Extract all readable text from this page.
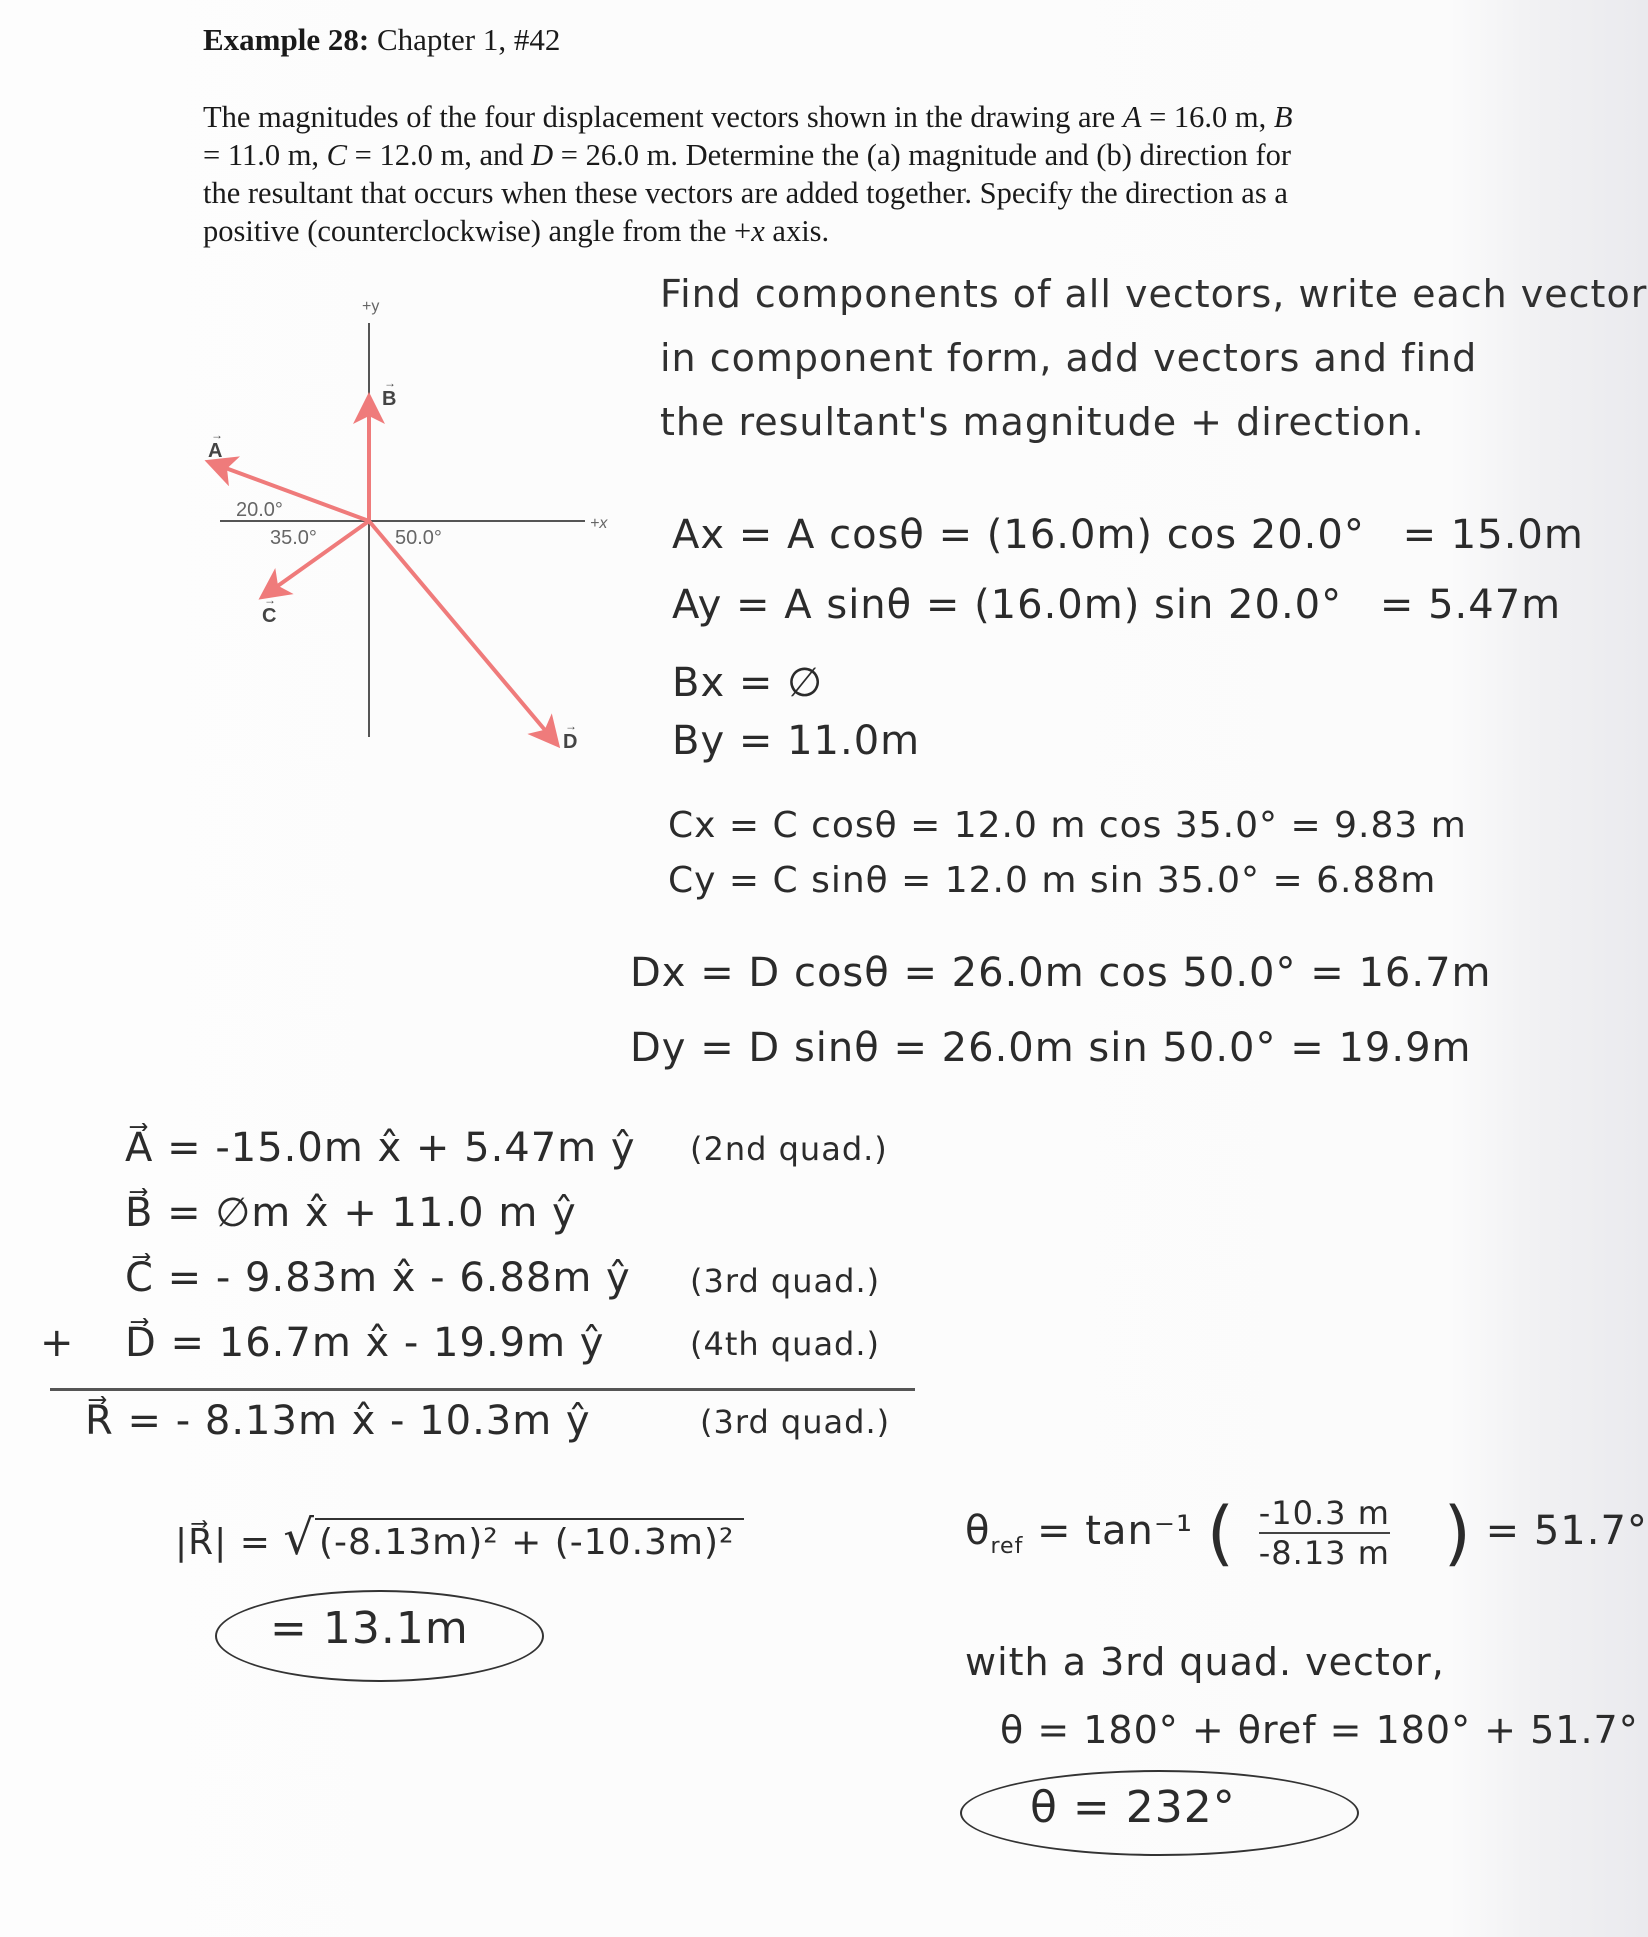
Example 28: Chapter 1, #42
The magnitudes of the four displacement vectors shown in the drawing are A = 16.0 m, B
= 11.0 m, C = 12.0 m, and D = 26.0 m. Determine the (a) magnitude and (b) direction for
the resultant that occurs when these vectors are added together. Specify the direction as a
positive (counterclockwise) angle from the +x axis.
+y
+x
A
→
B
→
C
→
D
→
20.0°
35.0°	50.0°
Find components of all vectors, write each vector
in component form, add vectors and find
the resultant's magnitude + direction.
Ax = A cosθ = (16.0m) cos 20.0° = 15.0m
Ay = A sinθ = (16.0m) sin 20.0° = 5.47m
Bx = ∅
By = 11.0m
Cx = C cosθ = 12.0 m cos 35.0° = 9.83 m
Cy = C sinθ = 12.0 m sin 35.0° = 6.88m
Dx = D cosθ = 26.0m cos 50.0° = 16.7m
Dy = D sinθ = 26.0m sin 50.0° = 19.9m
A⃗ = -15.0m x̂ + 5.47m ŷ (2nd quad.)
B⃗ = ∅m x̂ + 11.0 m ŷ
C⃗ = - 9.83m x̂ - 6.88m ŷ (3rd quad.)
+ D⃗ = 16.7m x̂ - 19.9m ŷ	(4th quad.)
R⃗ = - 8.13m x̂ - 10.3m ŷ	(3rd quad.)
|R⃗| = √ (-8.13m)² + (-10.3m)²
= 13.1m
$\theta_{ref} = \tan^{-1}$ ( $\frac{-10.3 m}{-8.13 m}$ ) = 51.7°
with a 3rd quad. vector,
θ = 180° + θref = 180° + 51.7°
θ = 232°
